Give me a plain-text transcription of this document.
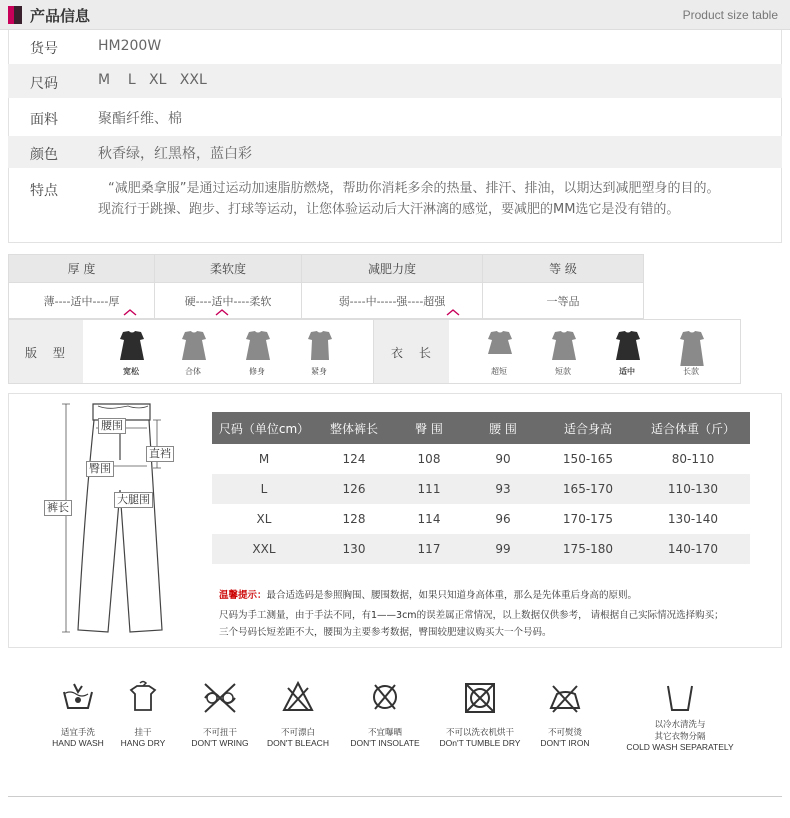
产品信息	Product size table
货号	HM200W
尺码	M    L   XL   XXL
面料	聚酯纤维、棉
颜色	秋香绿，红黑格，蓝白彩
特点	“减肥桑拿服”是通过运动加速脂肪燃烧，帮助你消耗多余的热量、排汗、排油，以期达到减肥塑身的目的。
现流行于跳操、跑步、打球等运动，让您体验运动后大汗淋漓的感觉，要减肥的MM选它是没有错的。
厚 度	柔软度	减肥力度	等 级
薄----适中----厚	硬----适中----柔软	弱----中-----强----超强	一等品
版 型	衣 长
宽松	合体	修身	紧身	超短	短款	适中	长款
腰围
直裆
臀围
裤长
大腿围
尺码（单位cm）	整体裤长	臀 围	腰 围	适合身高	适合体重（斤）
M	124	108	90	150-165	80-110
L	126	111	93	165-170	110-130
XL	128	114	96	170-175	130-140
XXL	130	117	99	175-180	140-170
温馨提示：最合适选码是参照胸围、腰围数据，如果只知道身高体重，那么是先体重后身高的原则。
尺码为手工测量，由于手法不同，有1——3cm的误差属正常情况，以上数据仅供参考， 请根据自己实际情况选择购买；
三个号码长短差距不大，腰围为主要参考数据，臀围较肥建议购买大一个号码。
适宜手洗
HAND WASH
挂干
HANG DRY
不可扭干
DON'T WRING
不可漂白
DON'T BLEACH
不宜曝晒
DON'T INSOLATE
不可以洗衣机烘干
DOn'T TUMBLE DRY
不可熨烫
DON'T IRON
以冷水清洗与
其它衣物分隔
COLD WASH SEPARATELY
